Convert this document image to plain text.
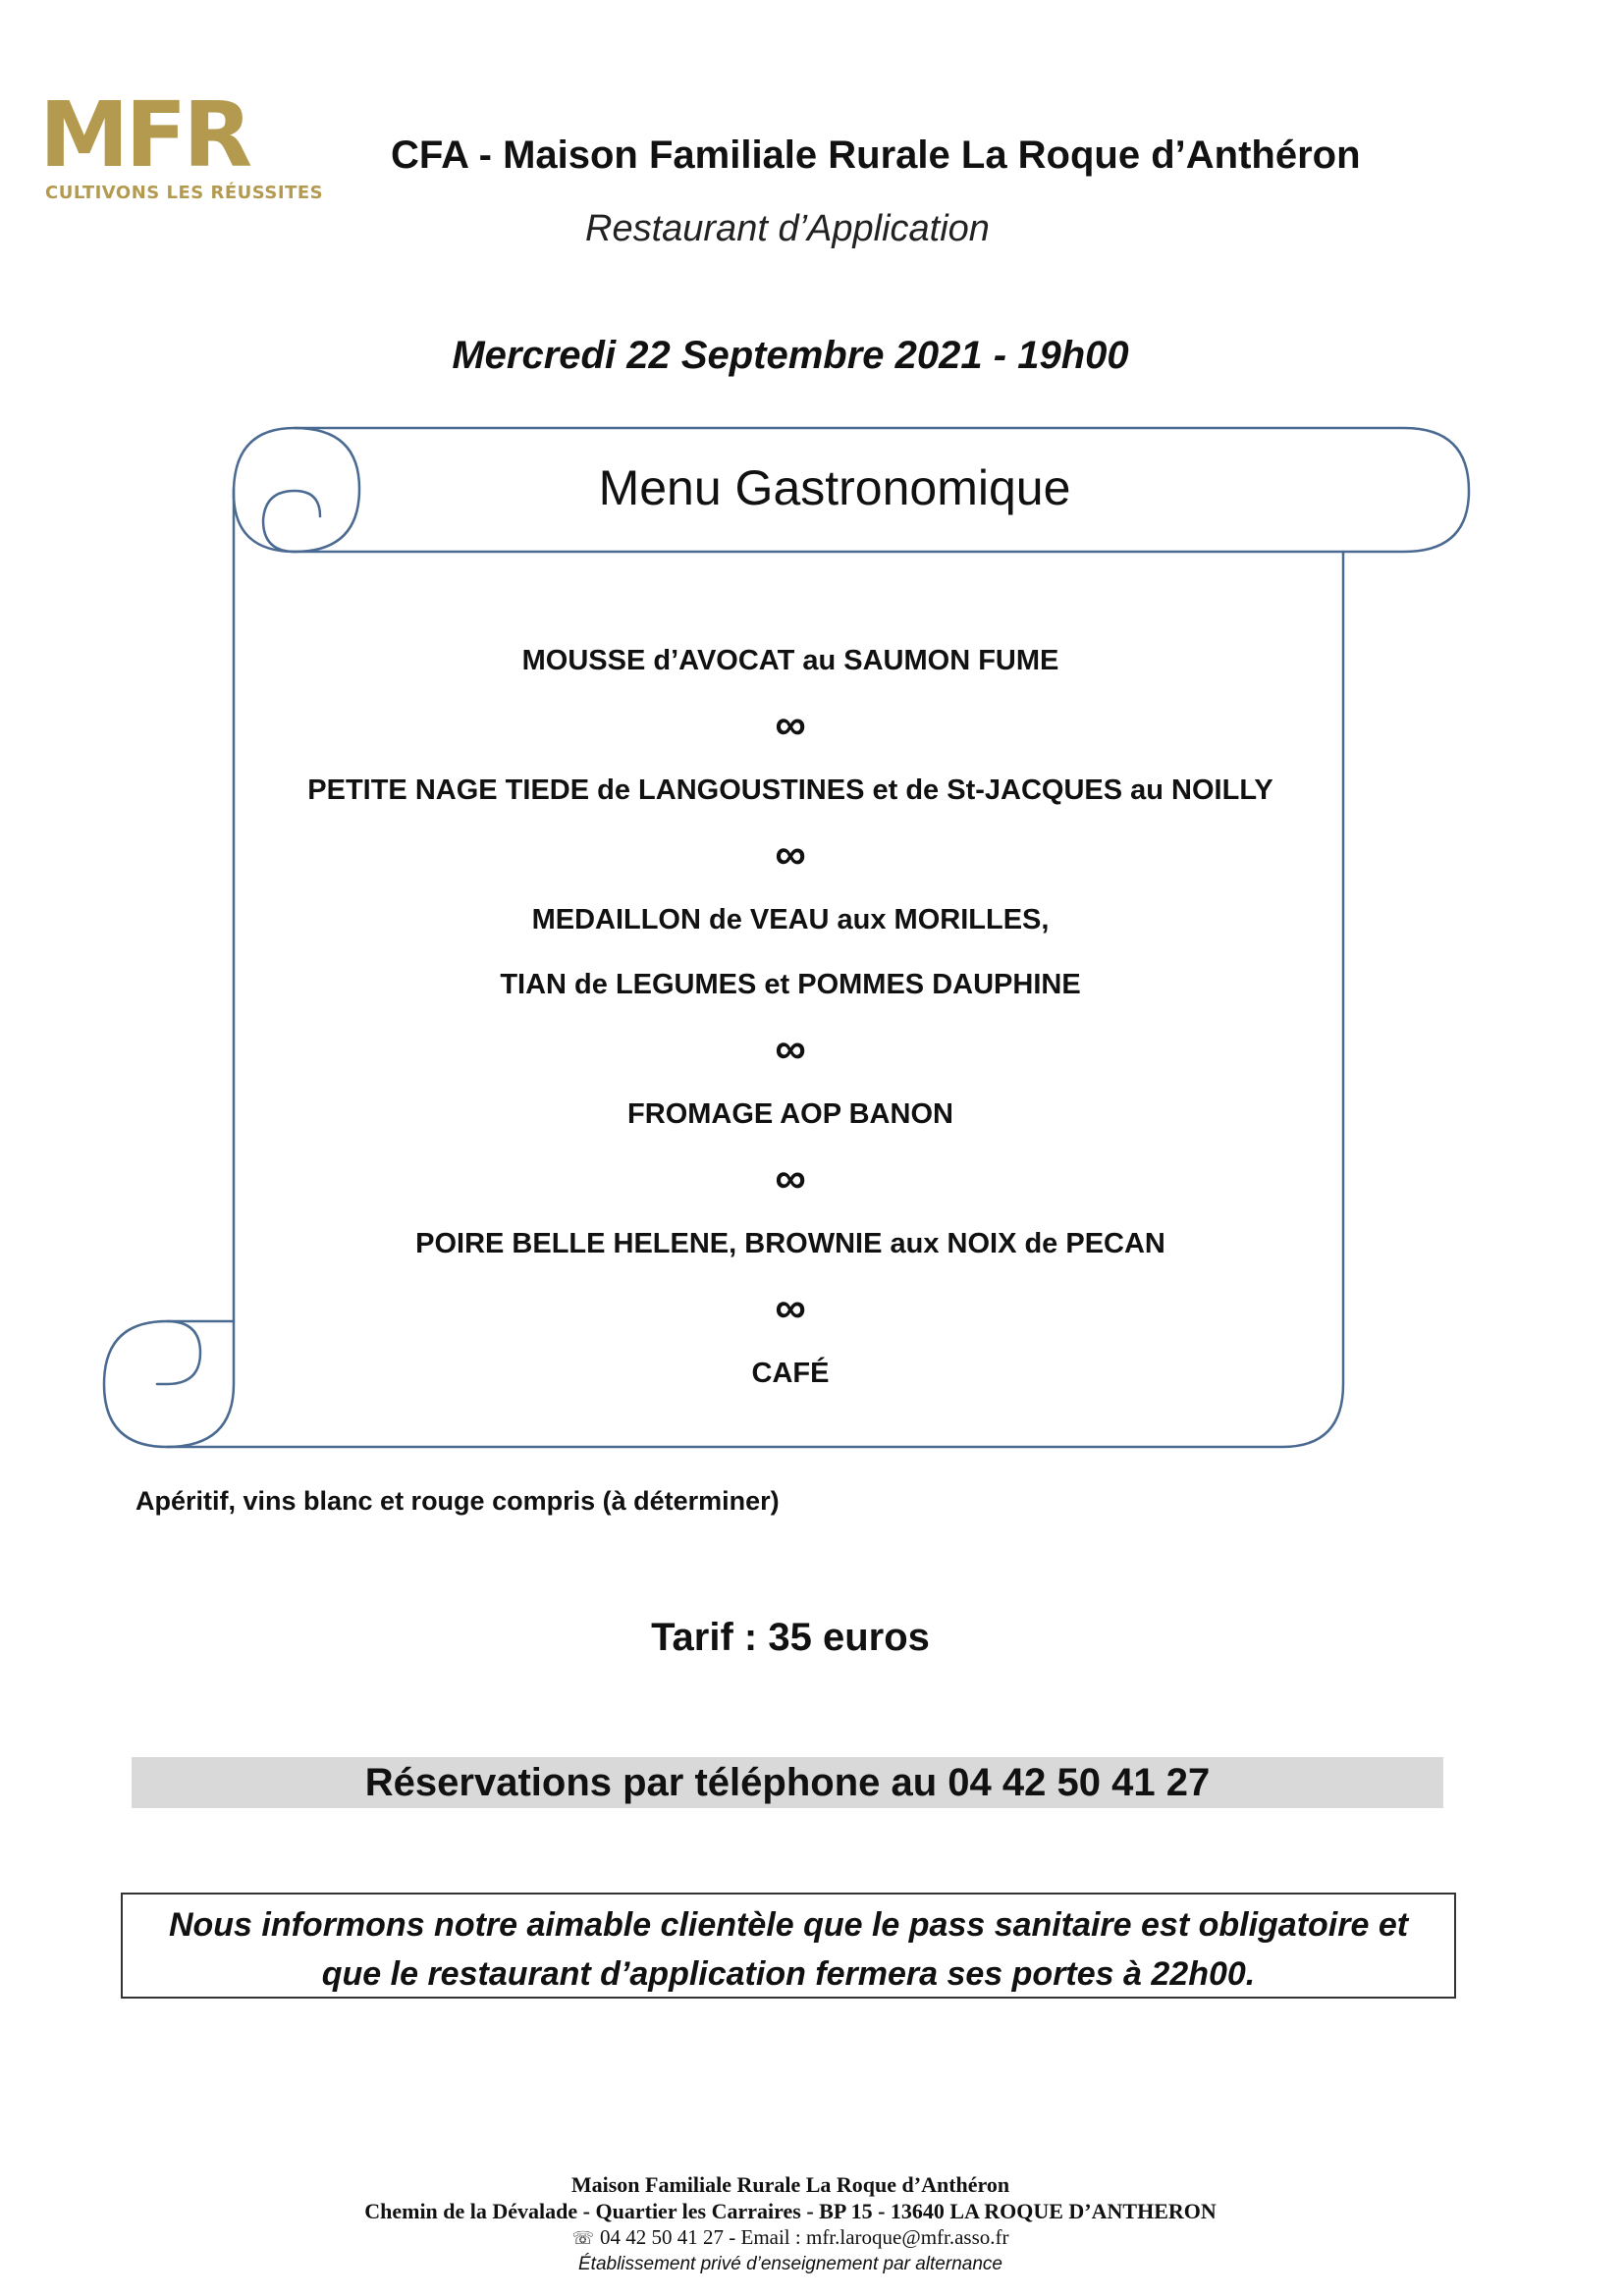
MFR
CULTIVONS LES RÉUSSITES
CFA - Maison Familiale Rurale La Roque d’Anthéron
Restaurant d’Application
Mercredi 22 Septembre 2021 - 19h00
Menu Gastronomique
MOUSSE d’AVOCAT au SAUMON FUME
∞
PETITE NAGE TIEDE de LANGOUSTINES et de St-JACQUES au NOILLY
∞
MEDAILLON de VEAU aux MORILLES,
TIAN de LEGUMES et POMMES DAUPHINE
∞
FROMAGE AOP BANON
∞
POIRE BELLE HELENE, BROWNIE aux NOIX de PECAN
∞
CAFÉ
Apéritif, vins blanc et rouge compris (à déterminer)
Tarif : 35 euros
Réservations par téléphone au 04 42 50 41 27
Nous informons notre aimable clientèle que le pass sanitaire est obligatoire et
que le restaurant d’application fermera ses portes à 22h00.
Maison Familiale Rurale La Roque d’Anthéron
Chemin de la Dévalade - Quartier les Carraires - BP 15 - 13640 LA ROQUE D’ANTHERON
☏ 04 42 50 41 27 - Email : mfr.laroque@mfr.asso.fr
Établissement privé d’enseignement par alternance
